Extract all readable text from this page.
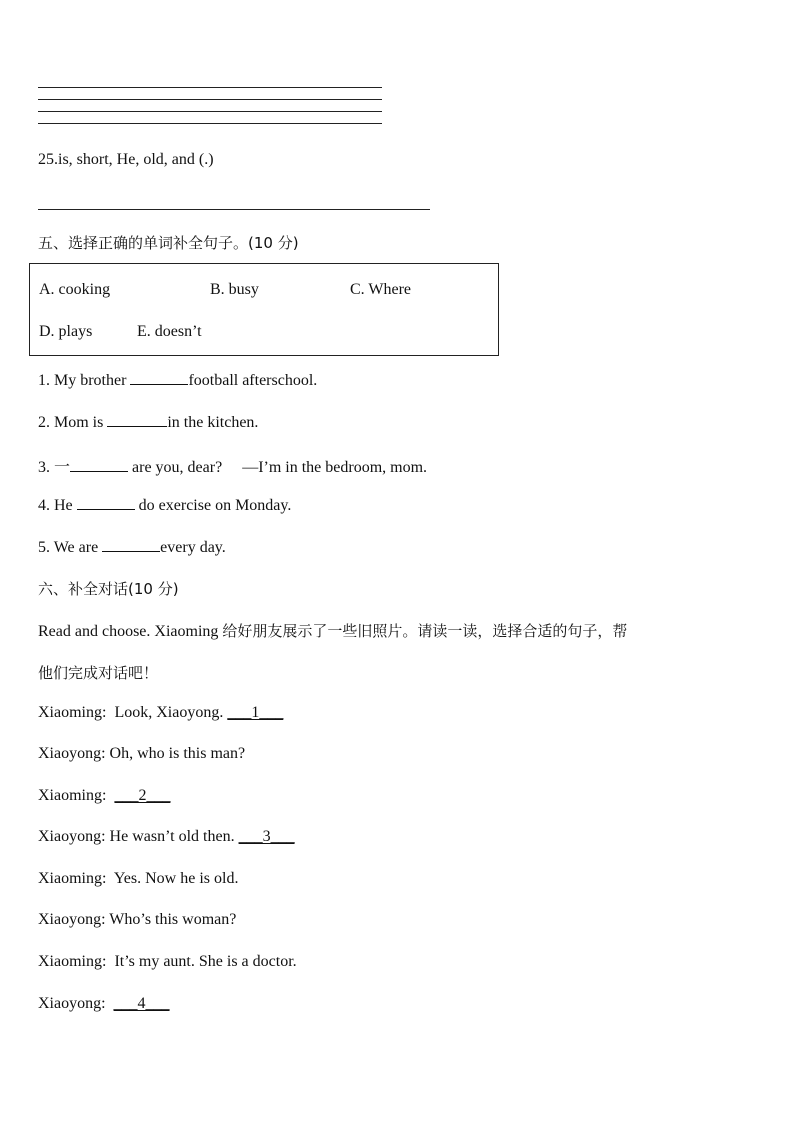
25.is, short, He, old, and (.)
五、选择正确的单词补全句子。(10 分)
A. cooking	B. busy	C. Where
D. plays	E. doesn’t
1. My brother	football afterschool.
2. Mom is	in the kitchen.
3. 一	are you, dear? —I’m in the bedroom, mom.
4. He	do exercise on Monday.
5. We are	every day.
六、补全对话(10 分)
Read and choose. Xiaoming 给好朋友展示了一些旧照片。请读一读，选择合适的句子，帮
他们完成对话吧！
Xiaoming: Look, Xiaoyong. ___1___
Xiaoyong: Oh, who is this man?
Xiaoming: ___2___
Xiaoyong: He wasn’t old then. ___3___
Xiaoming: Yes. Now he is old.
Xiaoyong: Who’s this woman?
Xiaoming: It’s my aunt. She is a doctor.
Xiaoyong: ___4___
